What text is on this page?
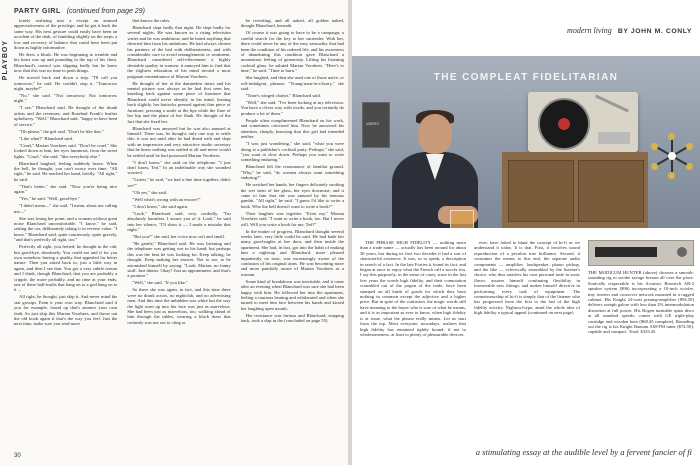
PLAYBOY
PARTY GIRL (continued from page 29)

lonely realizing into a except an amused appreciativeness of the privilege; and he got it back the same way. His next gesture could easily have been an accident of the dark, of fumbling slightly on the steps; a low and recovery of balance that could have been put down as highly informative.

He drew a blush. He was beginning to tremble and his heart was up and pounding in the top of his chest. Blanchard's control was slipping badly but he knew now that this was no time to push things.

He moved back and down a step. "I'll call you tomorrow," he said. He couldn't stop it. "Tomorrow night, maybe?"

"No," she said. "Not tomorrow. Not tomorrow night."

"I see," Blanchard said. He thought of the drunk artists and the revenues, and Rosebud Frank's leather upholstery. "Well," Blanchard said, "happy to have been of service."

"Oh please," the girl said. "Don't be like that."

"Like what?" Blanchard said.

"Cruel," Marian Voorhees said. "Don't be cruel." She looked down at him, her eyes luminous, from the street lights. "Cruel," she said, "like everybody else."

Blanchard laughed, feeling suddenly brave. When the bell, he thought, you can't worry over time. "All right," he said. He reached her hand, briefly. "All right," he said.

"That's better," she said. "Now you're being nice again."

"Yes," he said. "Well, good-bye."

"I didn't mean—" she said. "I mean, about not calling me—"

She was losing her point; and a woman without great noise Blanchard uncomfortable. "I know," he said, setting the car, deliberately taking it in reverse value. "I know." Blanchard said, quite courteously, quite gravely, "and that's perfectly all right, too."

Perfectly all right, you fretted; he thought in the cab; but good-bye, absolutely. You could not and if for you own somehow having a quality that appealed far better nature. Then you asked back in, just a little way in again, and then I see that. You got a very subtle reason and I think, though Blanchard, that you are probably a cripple, the more probably, and no time at your ends; one of these half-truths that hang on to a god hang on to it ...

All right, he thought, just skip it. And never mind the star gossips. Paint it your own way. Blanchard said if you for example, found up that's smarter your own fault. So just skip this Marian Voorhees, and throw out the old book again if that's the way you feel. Just the next time, make sure you read more

that knows the rules.

Blanchard slept badly that night. He slept badly for several nights. He was known as a rising television writer and he was ambitious; and he hated anything that diverted him from his ambitions. He had always chosen his partners of the bed with deliberateness, and with considerable care to avoid entanglements or sentiment. Blanchard considered self-effacement a highly desirable quality in women: it annoyed him to find that the slightest relaxation of his mind invited a most poignant remembrance of Marian Voorhees.

He thought of her at the damnedest times and his mental picture was always as he had first seen her, kneeling back against some piece of furniture that Blanchard could never identify in his mind, leaning back slightly, her buttocks pressed against thin piece of furniture, pressing a smile at the lips while the flare of her hip and the plane of her flank. He thought of the fact that she fixed her.

Blanchard was annoyed but he was also amused at himself. There was, he thought, only one way to settle this: it was not until after he had dined with and slept with an impressive and very attractive studio secretary that he knew nothing was settled at all and never would be settled until he had possessed Marian Voorhees.

"I don't know," she said on the telephone. "I just don't know, Ted." In an indefinable way she sounded worried.

"Listen," he said, "we had a fine time together, didn't we?"

"Oh yes," she said.

"Well what's wrong with an encore?"

"I don't know," she said again.

"Look," Blanchard said, very cordially, "I'm absolutely harmless. I assure you of it. Look," he said into her silence, "I'll show it — I made a mistake that night."

"But you?" she said, her voice now soft and small.

"Be gentle," Blanchard said. He was listening and the telephone was getting wet in his hand; but perhaps this was the heat he was looking for. Keep talking, he thought. Keep making her answer. Not to see, to be astonished himself by saying: "Look, Marian, no funny stuff. Just dinner. Okay? Just an appointment, and that's a promise."

"Well," she said. "If you like."

So there she was again, in fact, and this time there were no drunk actors, no nightclub, and no advertising men. And this time the unbidden was white but the way the light went up into her face was just as marvelous. She had been just as marvelous, too, walking ahead of him through the tables, wearing a black dress that certainly was not out to cling or

be revealing; and all naked, all golden naked, thought Blanchard, beneath.

Of course it was going to have to be a campaign, a careful search for the key to her surrender. With her, there could never be any of the easy sensuality that had been the condition of his ordered life, and his awareness of abandoning this condition gave Blanchard a momentary feeling of generosity. Lifting his listening cocktail glass, he saluted Marian Voorhees. "Here's to time," he said. "Time to burn."

She laughed, and then she used one of those naïve, or self-indulgent, phrases: "Young-man-in-a-hurry," she said.

"Time's winged chariot," Blanchard said.

"Well," she said, "I've been looking at my television. You have a clever way with words, and you certainly do produce a lot of them."

People often complimented Blanchard on his work, and sometimes criticized him. Now he answered his attention, sharply, knowing that this girl had intended neither.

"I was just wondering," she said, "what you were doing at a publisher's cocktail party. Perhaps," she said, "you want to slow down. Perhaps you want to write something enduring."

Blanchard felt the reassurance of familiar ground. "Why," he said, "do women always want something enduring?"

He watched her hands, her fingers delicately stroking the wet stem of her glass, her eyes downcast; and it came to him that she was amused by his tenuous gambit. "All right," he said. "I guess I'd like to write a book. Who the hell doesn't want to write a book?"

Their laughter was together. "Even my," Marian Voorhees said, "I want to write a book, too. But I never will. Will you write a book for me, Ted?"

In the matter of progress, Blanchard thought several weeks later, very little could be said. He had bade her many good-nights at her door, and then inside the apartment. She had, in fact, got into the habit of making him a nightcap and Blanchard, more pleased impatiently on trust, was increasingly aware of the confusion of his original aims. He was becoming more and more painfully aware of Marian Voorhees as a woman.

Some kind of breakdown was inevitable, and it came after an evening when Blanchard was sure she had been happy with him. He followed her into the apartment, feeling a cautious beating and exhilarated and when she turned to meet him face between his hands and kissed her laughing open mouth.

Her resistance was furious and Blanchard, stepping back, took a slap in the (concluded on page 55)

30
modern living BY JOHN M. CONLY
THE COMPLEAT FIDELITARIAN
VAREC

THE PHRASE HIGH FIDELITY — nothing more than a trade name — actually has been around for about 30 years, but during its first two decades it had a sort of characterful existence. It was, so to speak, a description in search of a fact. In the late Forties it found its fact, and began at once to enjoy what the French call a succès fou. I say this purposely, in the sense of crazy, since in the last few years the words high fidelity, and their connotation scrambled out of the jargon of the trade, have been stamped on all kinds of goods for which they have nothing in common except the adjective and a higher price. But in spite of the confusion, the magic words still have meaning to the buyer who is sure of what he means, and it is as important as ever to know, when high fidelity is at issue, what the phrase really means. Let us start from the top. Most everyone, nowadays, realizes that high fidelity has remained tightly bound; if not to wholesomeness, at least to plenty of pleasurable devices.

ever, have failed to blunt the concept of hi-fi as we understand it today. It is that. First, it involves sound reproduction of a peculiar true brilliance. Second, it consumes the means to this end, the separate audio components — amplifier, loudspeaker, phono pickup, and the like — eclectically assembled by the listener's choice, who thus satisfies his own personal taste in sonic flavor, assures himself continuing flexibility in foreseeable new fittings, and makes himself directive in performing every task of equipment. The connoisseurship of hi-fi is simply that of the listener who has progressed from the first to the last of the high fidelity activity. Nightowl-type, amid the whole idea of high fidelity a typical appeal (continued on next page)

THE MODICUM HUNTER (above) chooses a smooth-sounding rig to soothe savage breasts all over the place. Sonically respectable is his Acoustic Research AR-2 speaker system ($96) incorporating a 10-inch woofer, tiny tweeter and crossover network mounted in a rugged cabinet. His Knight 24-watt preamp-amplifier ($94.50) delivers oomph galore with less than 2% intermodulation distortion at full power. His Bogen turntable spins discs at all standard speeds, comes with GE triple-play cartridge and wooden base ($68.45 complete). Rounding out the rig is his Knight Bantam AM-FM tuner ($74.50), capable and compact. Total: $333.45.
a stimulating essay at the audible level by a fervent fancier of fi
